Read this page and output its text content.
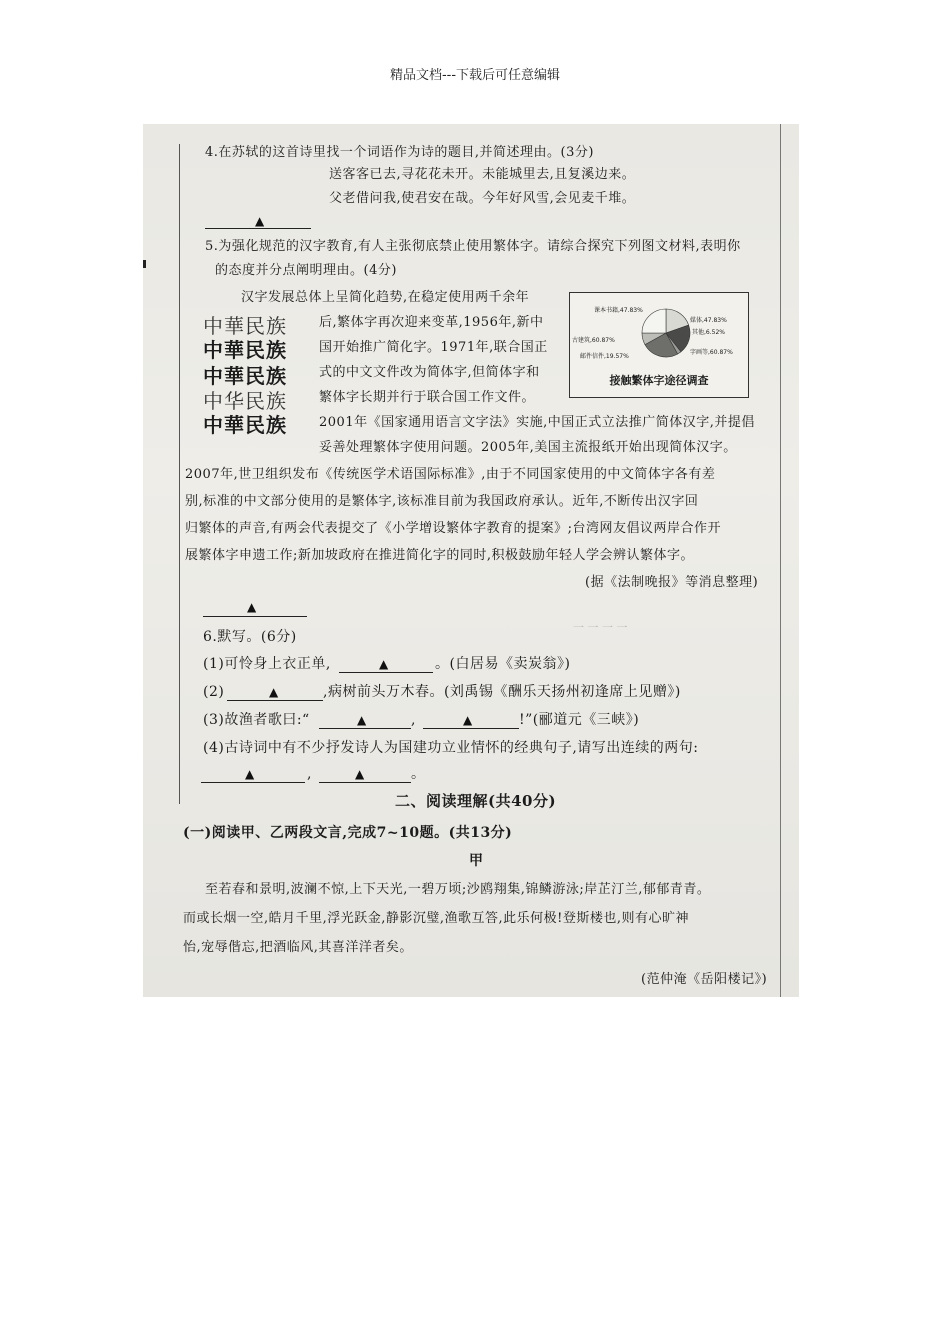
精品文档---下载后可任意编辑
4.在苏轼的这首诗里找一个词语作为诗的题目,并简述理由。(3分)
送客客已去,寻花花未开。未能城里去,且复溪边来。
父老借问我,使君安在哉。今年好风雪,会见麦千堆。
▲
5.为强化规范的汉字教育,有人主张彻底禁止使用繁体字。请综合探究下列图文材料,表明你
的态度并分点阐明理由。(4分)
中華民族
中華民族
中華民族
中华民族
中華民族
汉字发展总体上呈简化趋势,在稳定使用两千余年
后,繁体字再次迎来变革,1956年,新中
国开始推广简化字。1971年,联合国正
式的中文文件改为简体字,但简体字和
繁体字长期并行于联合国工作文件。
2001年《国家通用语言文字法》实施,中国正式立法推广简体汉字,并提倡
妥善处理繁体字使用问题。2005年,美国主流报纸开始出现简体汉字。
2007年,世卫组织发布《传统医学术语国际标准》,由于不同国家使用的中文简体字各有差
别,标准的中文部分使用的是繁体字,该标准目前为我国政府承认。近年,不断传出汉字回
归繁体的声音,有两会代表提交了《小学增设繁体字教育的提案》;台湾网友倡议两岸合作开
展繁体字申遗工作;新加坡政府在推进简化字的同时,积极鼓励年轻人学会辨认繁体字。
课本书籍,47.83%
媒体,47.83%
其他,6.52%
字画等,60.87%
邮件信件,19.57%
古建筑,60.87%
接触繁体字途径调查
(据《法制晚报》等消息整理)
▲
6.默写。(6分)
(1)可怜身上衣正单,	▲	。(白居易《卖炭翁》)
(2)	▲	,病树前头万木春。(刘禹锡《酬乐天扬州初逢席上见赠》)
(3)故渔者歌曰:“	▲	,	▲	!”(郦道元《三峡》)
(4)古诗词中有不少抒发诗人为国建功立业情怀的经典句子,请写出连续的两句:
▲	,	▲	。
一 一 一 一
二、阅读理解(共40分)
(一)阅读甲、乙两段文言,完成7~10题。(共13分)
甲
至若春和景明,波澜不惊,上下天光,一碧万顷;沙鸥翔集,锦鳞游泳;岸芷汀兰,郁郁青青。
而或长烟一空,皓月千里,浮光跃金,静影沉璧,渔歌互答,此乐何极!登斯楼也,则有心旷神
怡,宠辱偕忘,把酒临风,其喜洋洋者矣。
(范仲淹《岳阳楼记》)
